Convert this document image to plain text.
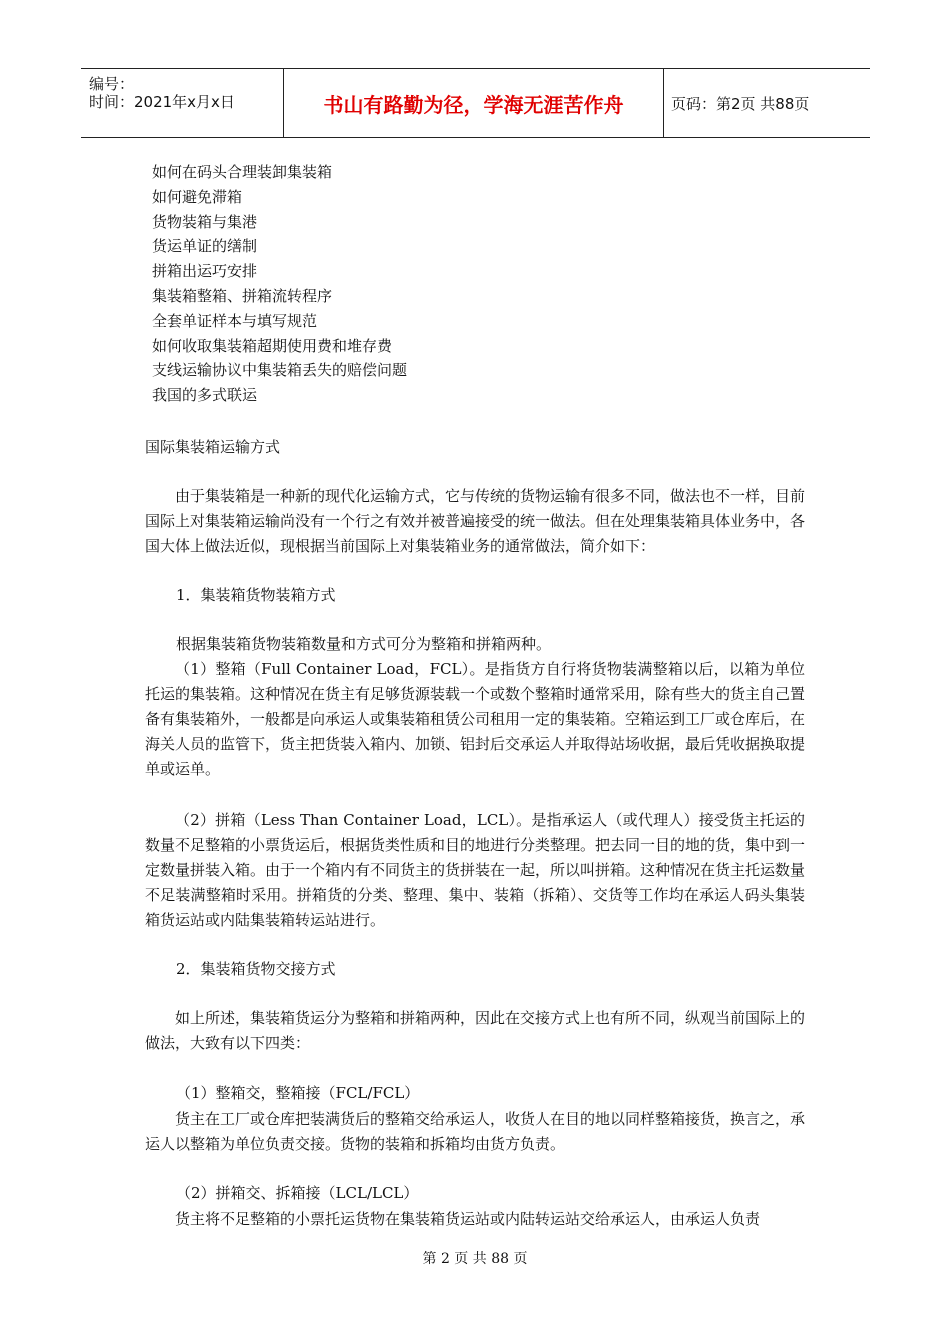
编号：
时间：2021年x月x日	书山有路勤为径，学海无涯苦作舟	页码：第2页 共88页
如何在码头合理装卸集装箱
如何避免滞箱
货物装箱与集港
货运单证的缮制
拼箱出运巧安排
集装箱整箱、拼箱流转程序
全套单证样本与填写规范
如何收取集装箱超期使用费和堆存费
支线运输协议中集装箱丢失的赔偿问题
我国的多式联运
国际集装箱运输方式
由于集装箱是一种新的现代化运输方式，它与传统的货物运输有很多不同，做法也不一样，目前国际上对集装箱运输尚没有一个行之有效并被普遍接受的统一做法。但在处理集装箱具体业务中，各国大体上做法近似，现根据当前国际上对集装箱业务的通常做法，简介如下：
1．集装箱货物装箱方式
根据集装箱货物装箱数量和方式可分为整箱和拼箱两种。
（1）整箱（Full Container Load，FCL）。是指货方自行将货物装满整箱以后，以箱为单位托运的集装箱。这种情况在货主有足够货源装载一个或数个整箱时通常采用，除有些大的货主自己置备有集装箱外，一般都是向承运人或集装箱租赁公司租用一定的集装箱。空箱运到工厂或仓库后，在海关人员的监管下，货主把货装入箱内、加锁、铝封后交承运人并取得站场收据，最后凭收据换取提单或运单。
（2）拼箱（Less Than Container Load，LCL）。是指承运人（或代理人）接受货主托运的数量不足整箱的小票货运后，根据货类性质和目的地进行分类整理。把去同一目的地的货，集中到一定数量拼装入箱。由于一个箱内有不同货主的货拼装在一起，所以叫拼箱。这种情况在货主托运数量不足装满整箱时采用。拼箱货的分类、整理、集中、装箱（拆箱）、交货等工作均在承运人码头集装箱货运站或内陆集装箱转运站进行。
2．集装箱货物交接方式
如上所述，集装箱货运分为整箱和拼箱两种，因此在交接方式上也有所不同，纵观当前国际上的做法，大致有以下四类：
（1）整箱交，整箱接（FCL/FCL）
货主在工厂或仓库把装满货后的整箱交给承运人，收货人在目的地以同样整箱接货，换言之，承运人以整箱为单位负责交接。货物的装箱和拆箱均由货方负责。
（2）拼箱交、拆箱接（LCL/LCL）
货主将不足整箱的小票托运货物在集装箱货运站或内陆转运站交给承运人，由承运人负责
第 2 页 共 88 页
